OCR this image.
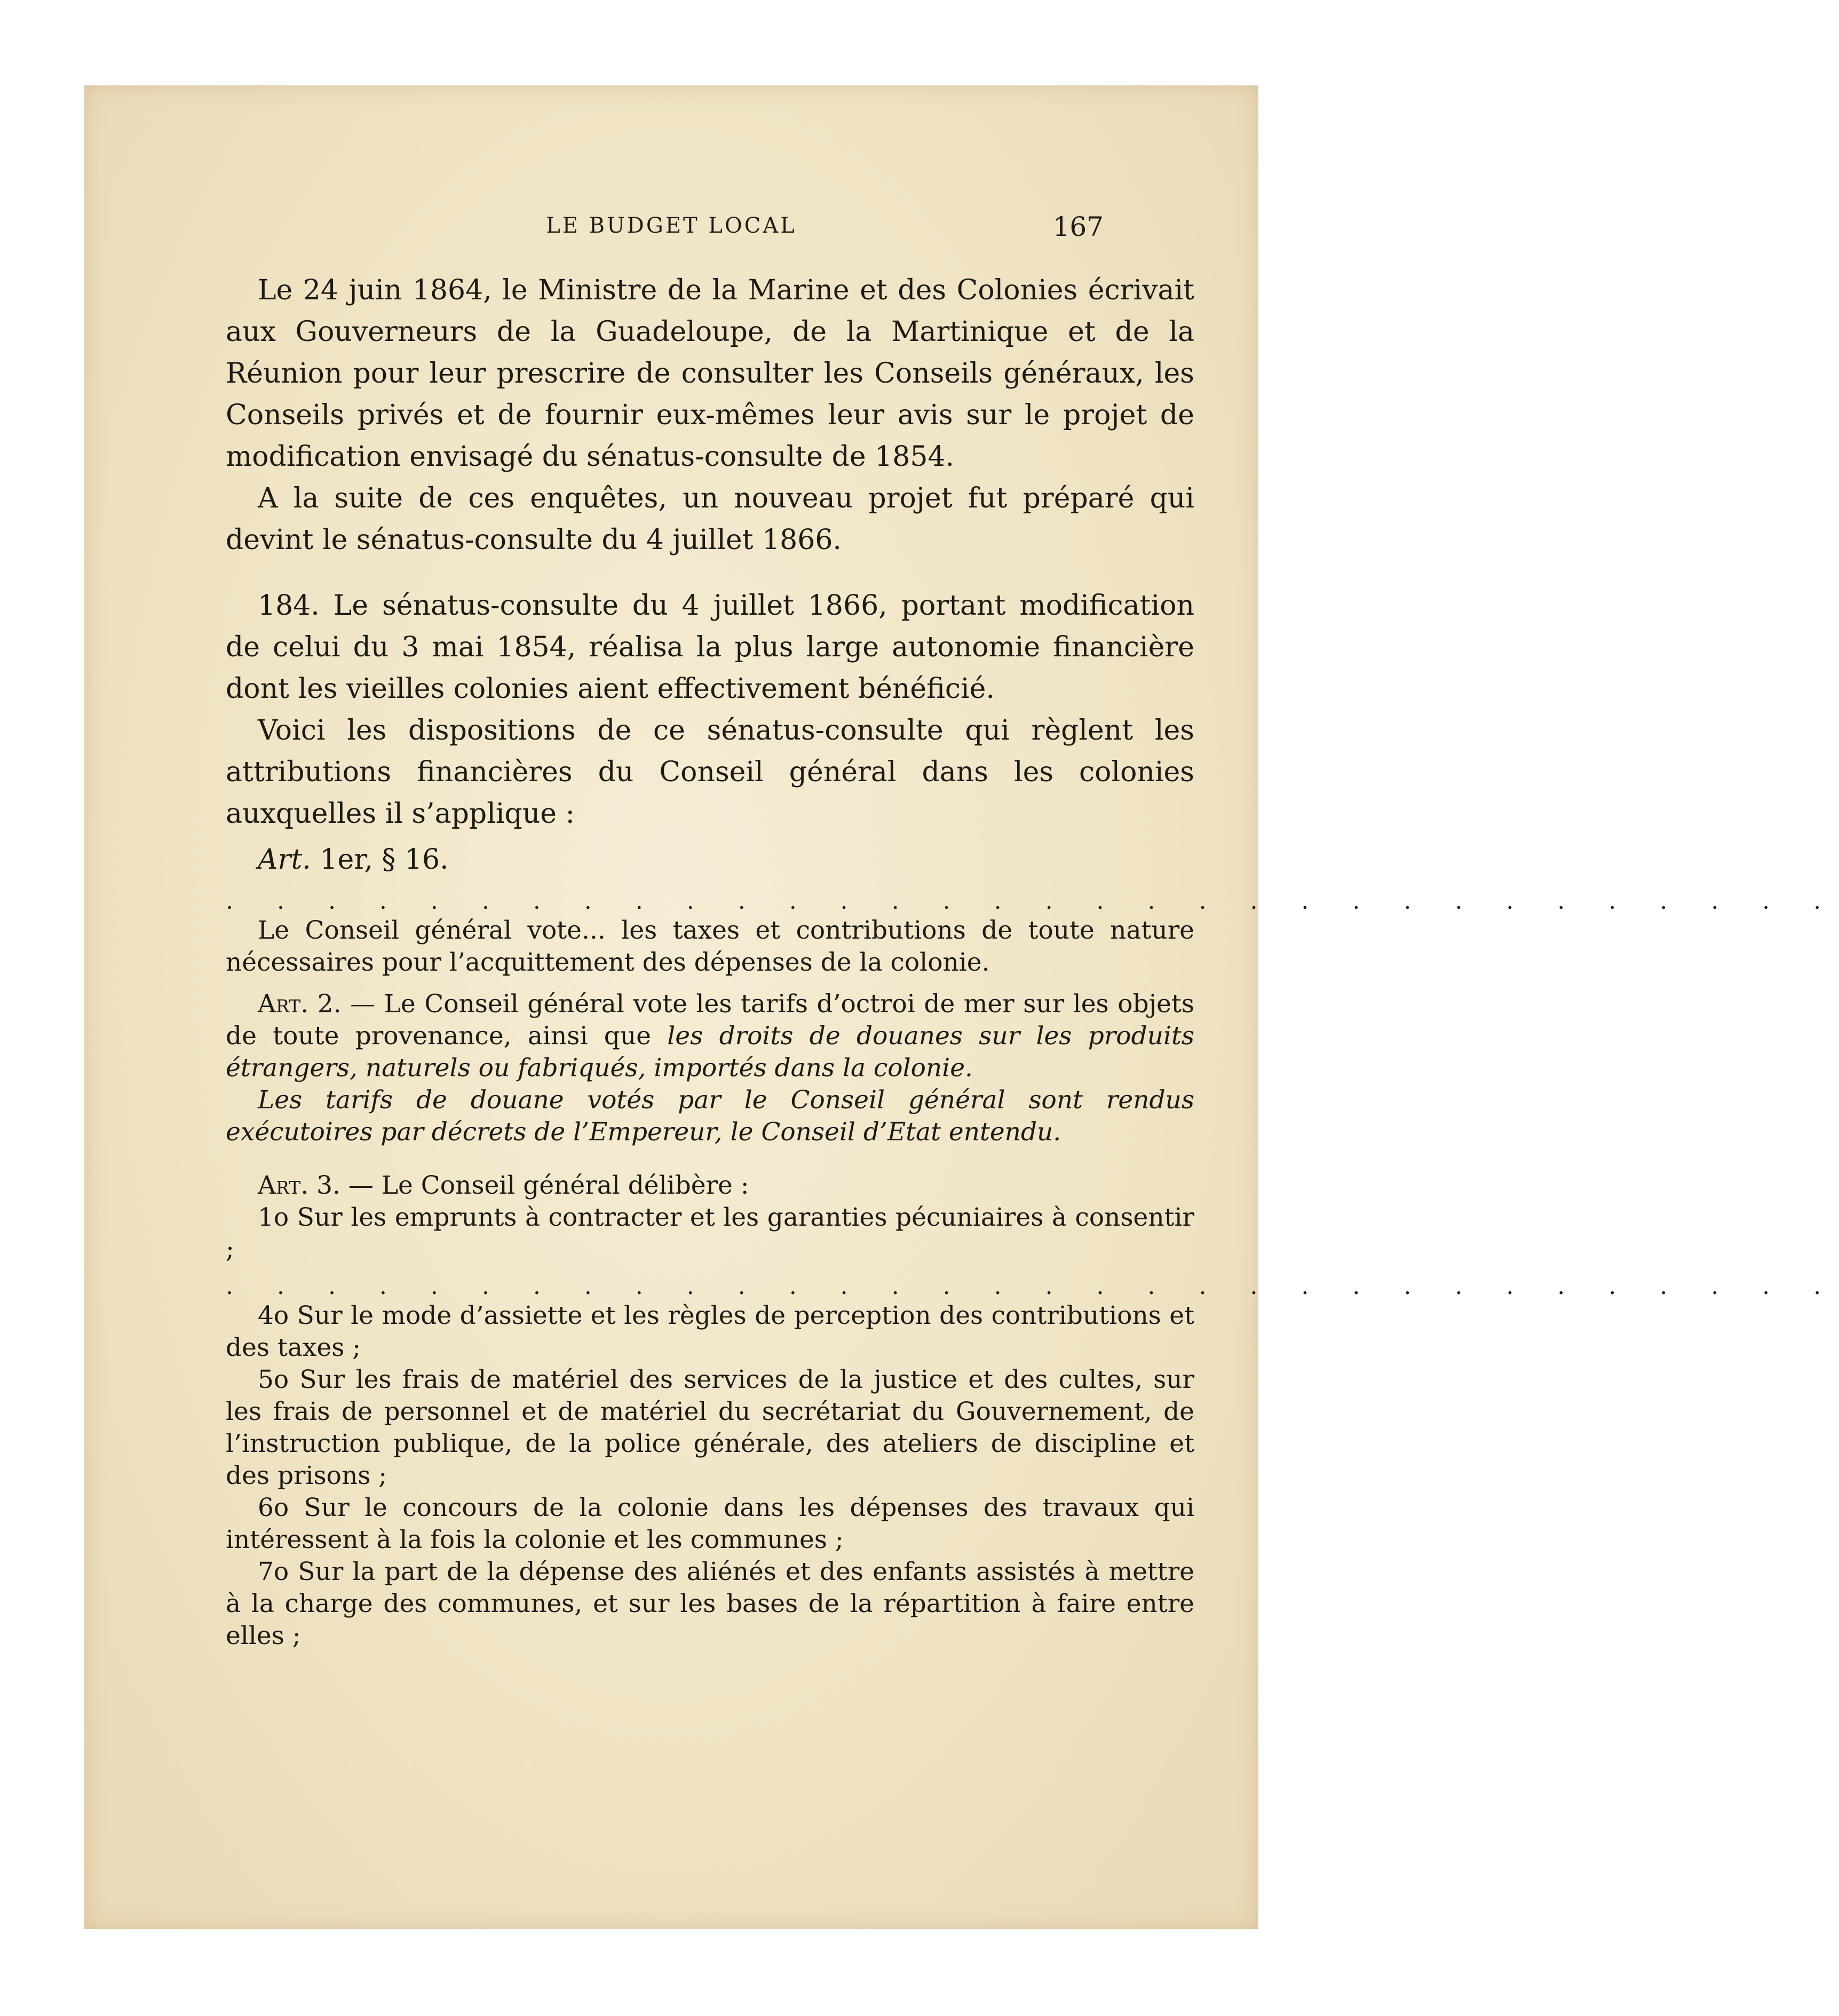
LE BUDGET LOCAL	167

Le 24 juin 1864, le Ministre de la Marine et des Colonies écrivait aux Gouverneurs de la Guadeloupe, de la Martinique et de la Réunion pour leur prescrire de consulter les Conseils généraux, les Conseils privés et de fournir eux-mêmes leur avis sur le projet de modification envisagé du sénatus-consulte de 1854.

A la suite de ces enquêtes, un nouveau projet fut préparé qui devint le sénatus-consulte du 4 juillet 1866.

184. Le sénatus-consulte du 4 juillet 1866, portant modification de celui du 3 mai 1854, réalisa la plus large autonomie financière dont les vieilles colonies aient effectivement bénéficié.

Voici les dispositions de ce sénatus-consulte qui règlent les attributions financières du Conseil général dans les colonies auxquelles il s’applique :

Art. 1er, § 16.
. . . . . . . . . . . . . . . . . . . . . . . . . . . . . . . .

Le Conseil général vote... les taxes et contributions de toute nature nécessaires pour l’acquittement des dépenses de la colonie.

Art. 2. — Le Conseil général vote les tarifs d’octroi de mer sur les objets de toute provenance, ainsi que les droits de douanes sur les produits étrangers, naturels ou fabriqués, importés dans la colonie.

Les tarifs de douane votés par le Conseil général sont rendus exécutoires par décrets de l’Empereur, le Conseil d’Etat entendu.

Art. 3. — Le Conseil général délibère :

1o Sur les emprunts à contracter et les garanties pécuniaires à consentir ;

. . . . . . . . . . . . . . . . . . . . . . . . . . . . . . . .

4o Sur le mode d’assiette et les règles de perception des contributions et des taxes ;

5o Sur les frais de matériel des services de la justice et des cultes, sur les frais de personnel et de matériel du secrétariat du Gouvernement, de l’instruction publique, de la police générale, des ateliers de discipline et des prisons ;

6o Sur le concours de la colonie dans les dépenses des travaux qui intéressent à la fois la colonie et les communes ;

7o Sur la part de la dépense des aliénés et des enfants assistés à mettre à la charge des communes, et sur les bases de la répartition à faire entre elles ;
